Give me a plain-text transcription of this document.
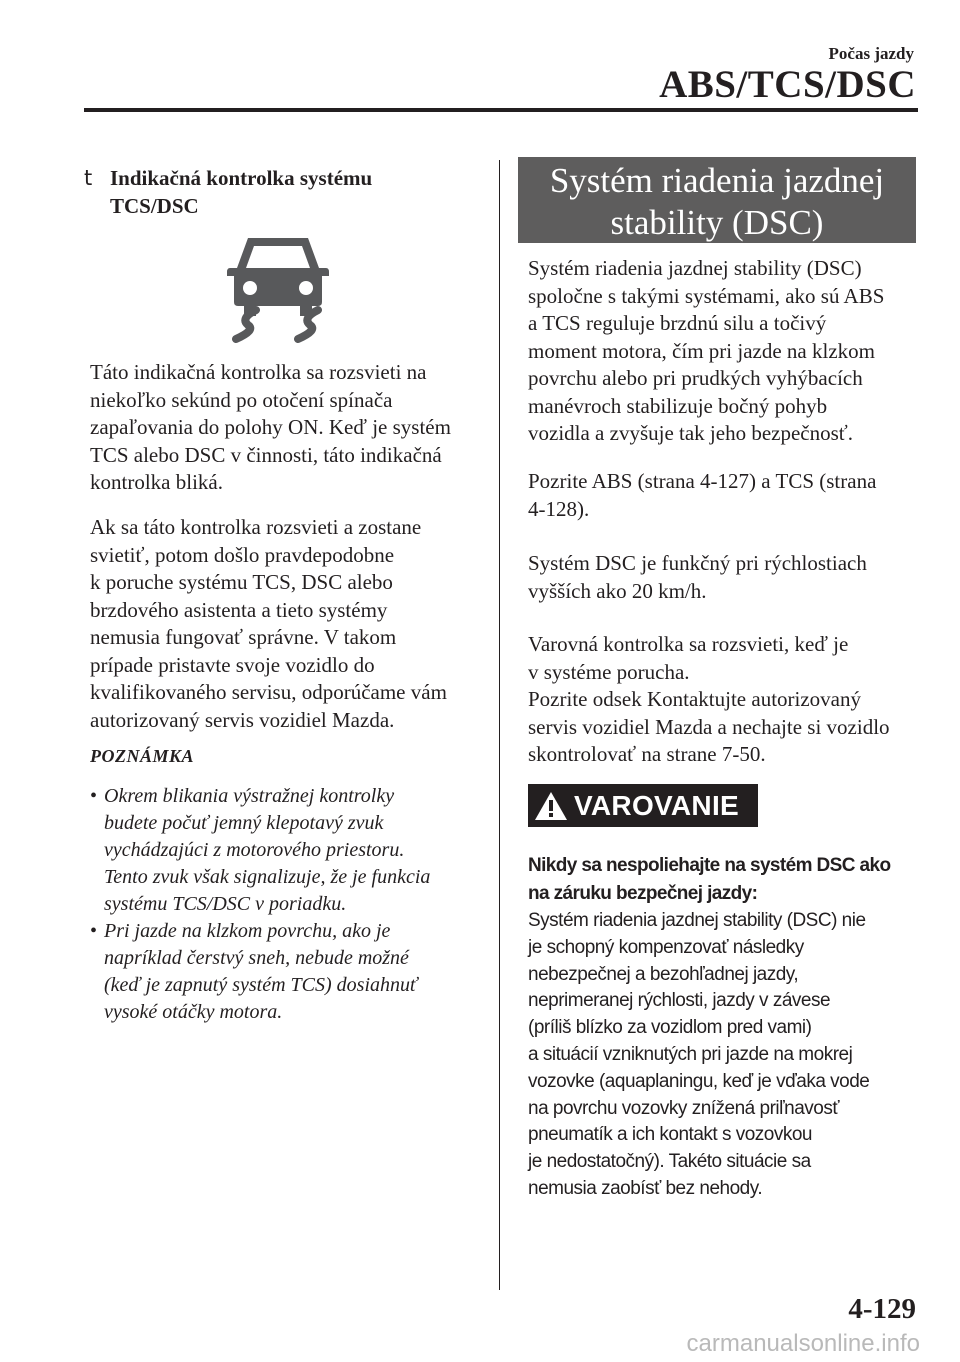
Počas jazdy
ABS/TCS/DSC
t Indikačná kontrolka systému
TCS/DSC
Táto indikačná kontrolka sa rozsvieti na
niekoľko sekúnd po otočení spínača
zapaľovania do polohy ON. Keď je systém
TCS alebo DSC v činnosti, táto indikačná
kontrolka bliká.
Ak sa táto kontrolka rozsvieti a zostane
svietiť, potom došlo pravdepodobne
k poruche systému TCS, DSC alebo
brzdového asistenta a tieto systémy
nemusia fungovať správne. V takom
prípade pristavte svoje vozidlo do
kvalifikovaného servisu, odporúčame vám
autorizovaný servis vozidiel Mazda.
POZNÁMKA
• Okrem blikania výstražnej kontrolky
budete počuť jemný klepotavý zvuk
vychádzajúci z motorového priestoru.
Tento zvuk však signalizuje, že je funkcia
systému TCS/DSC v poriadku.
• Pri jazde na klzkom povrchu, ako je
napríklad čerstvý sneh, nebude možné
(keď je zapnutý systém TCS) dosiahnuť
vysoké otáčky motora.
Systém riadenia jazdnej
stability (DSC)
Systém riadenia jazdnej stability (DSC)
spoločne s takými systémami, ako sú ABS
a TCS reguluje brzdnú silu a točivý
moment motora, čím pri jazde na klzkom
povrchu alebo pri prudkých vyhýbacích
manévroch stabilizuje bočný pohyb
vozidla a zvyšuje tak jeho bezpečnosť.
Pozrite ABS (strana 4-127) a TCS (strana
4-128).
Systém DSC je funkčný pri rýchlostiach
vyšších ako 20 km/h.
Varovná kontrolka sa rozsvieti, keď je
v systéme porucha.
Pozrite odsek Kontaktujte autorizovaný
servis vozidiel Mazda a nechajte si vozidlo
skontrolovať na strane 7-50.
VAROVANIE
Nikdy sa nespoliehajte na systém DSC ako
na záruku bezpečnej jazdy:
Systém riadenia jazdnej stability (DSC) nie
je schopný kompenzovať následky
nebezpečnej a bezohľadnej jazdy,
neprimeranej rýchlosti, jazdy v závese
(príliš blízko za vozidlom pred vami)
a situácií vzniknutých pri jazde na mokrej
vozovke (aquaplaningu, keď je vďaka vode
na povrchu vozovky znížená priľnavosť
pneumatík a ich kontakt s vozovkou
je nedostatočný). Takéto situácie sa
nemusia zaobísť bez nehody.
4-129
carmanualsonline.info
